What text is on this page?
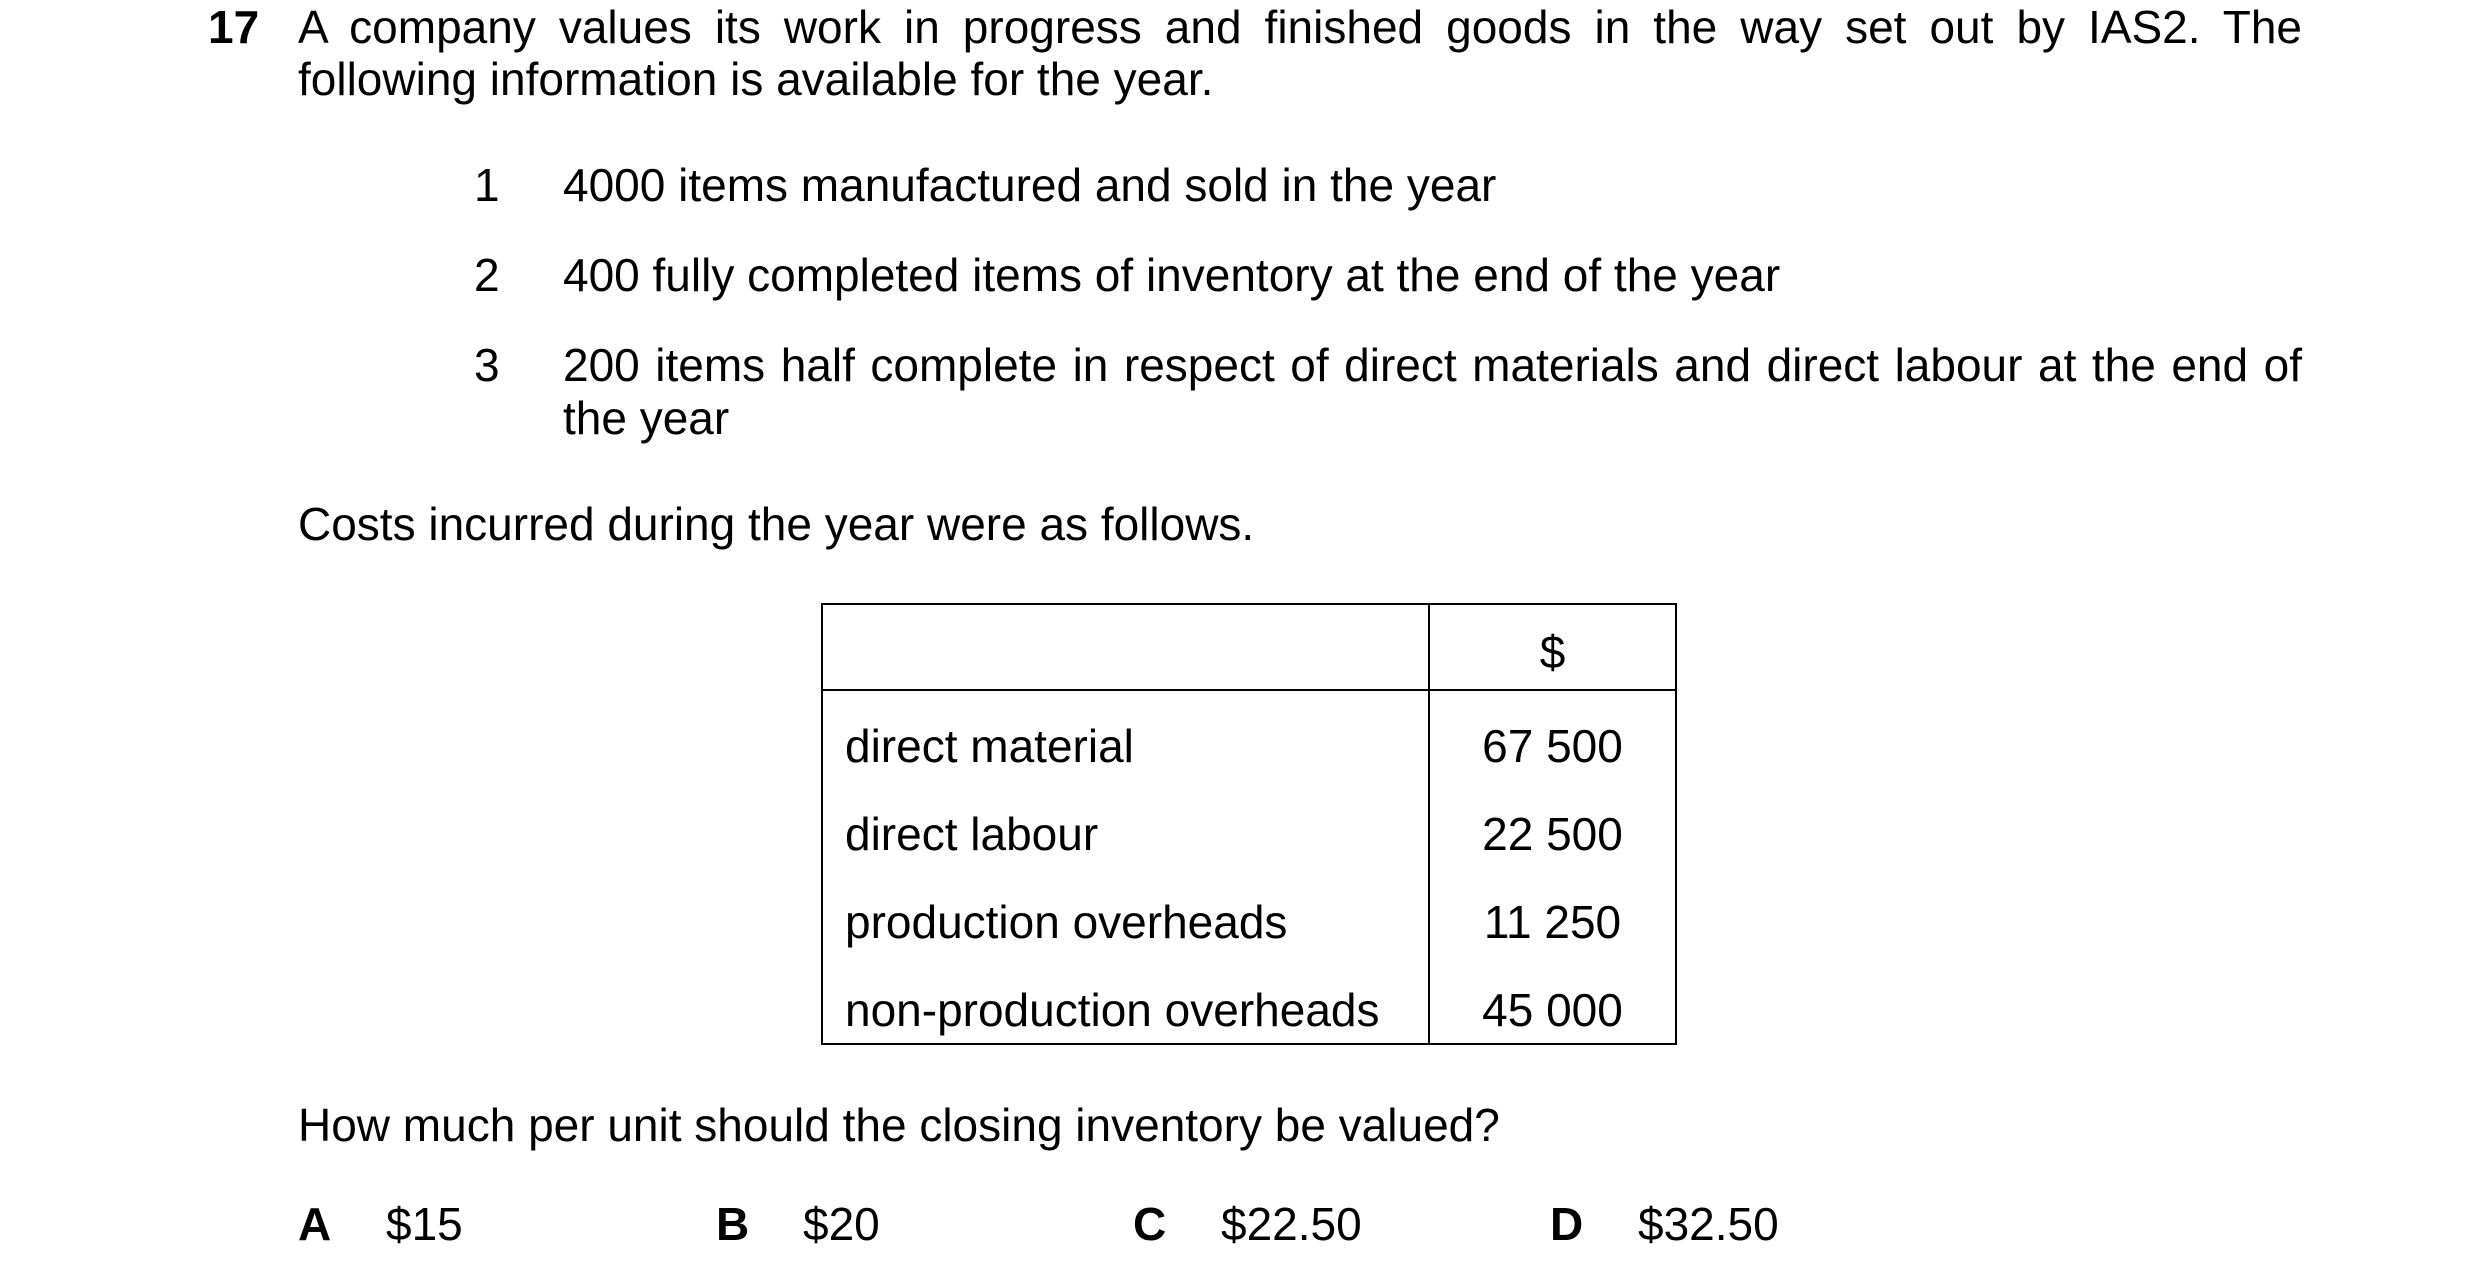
17 A company values its work in progress and finished goods in the way set out by IAS2. The
following information is available for the year.
1 4000 items manufactured and sold in the year
2 400 fully completed items of inventory at the end of the year
3 200 items half complete in respect of direct materials and direct labour at the end of
the year
Costs incurred during the year were as follows.
$
direct material	67 500
direct labour	22 500
production overheads	11 250
non-production overheads	45 000
How much per unit should the closing inventory be valued?
A $15	B $20	C $22.50	D $32.50
